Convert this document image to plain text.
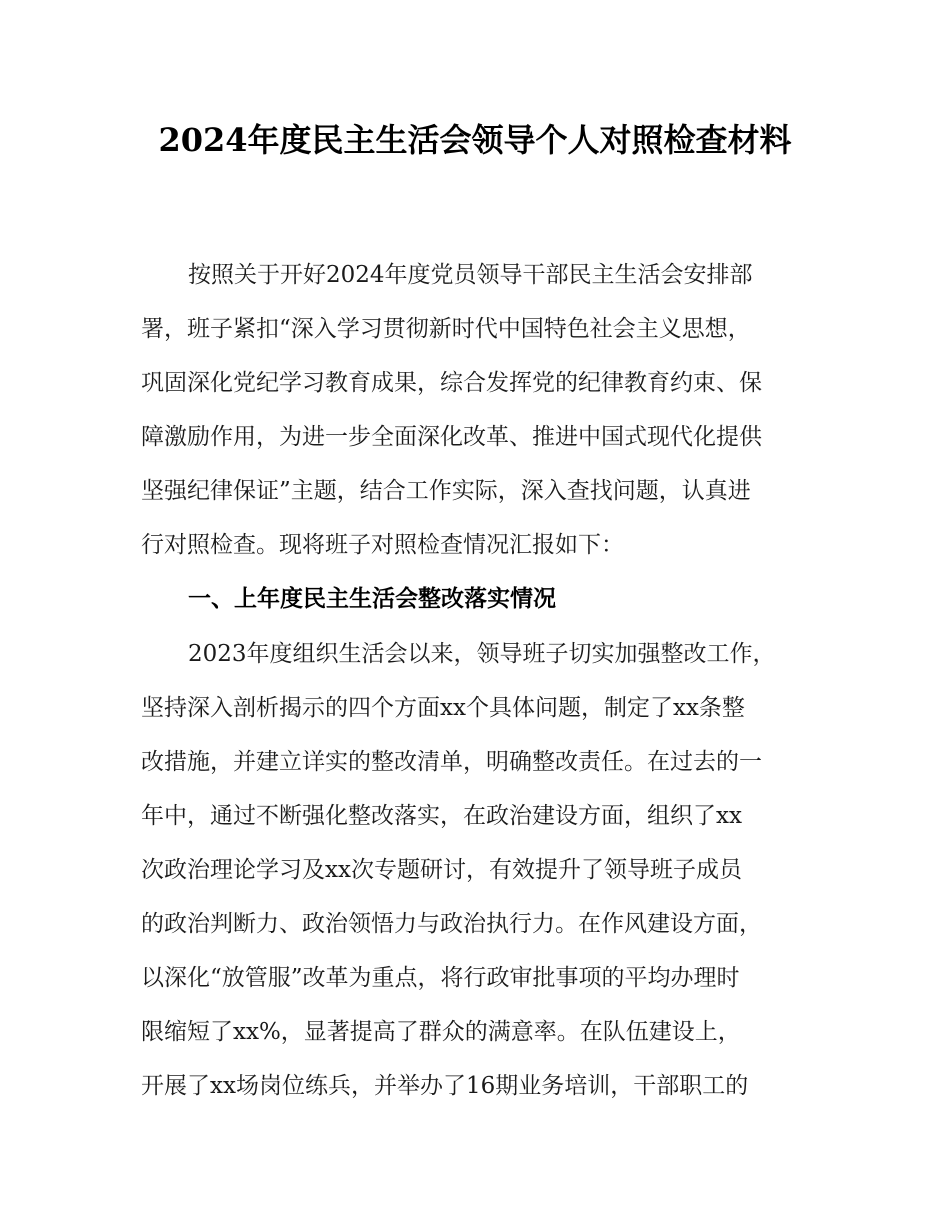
2024年度民主生活会领导个人对照检查材料
按照关于开好2024年度党员领导干部民主生活会安排部
署，班子紧扣“深入学习贯彻新时代中国特色社会主义思想，
巩固深化党纪学习教育成果，综合发挥党的纪律教育约束、保
障激励作用，为进一步全面深化改革、推进中国式现代化提供
坚强纪律保证”主题，结合工作实际，深入查找问题，认真进
行对照检查。现将班子对照检查情况汇报如下：
一、上年度民主生活会整改落实情况
2023年度组织生活会以来，领导班子切实加强整改工作，
坚持深入剖析揭示的四个方面xx个具体问题，制定了xx条整
改措施，并建立详实的整改清单，明确整改责任。在过去的一
年中，通过不断强化整改落实，在政治建设方面，组织了xx
次政治理论学习及xx次专题研讨，有效提升了领导班子成员
的政治判断力、政治领悟力与政治执行力。在作风建设方面，
以深化“放管服”改革为重点，将行政审批事项的平均办理时
限缩短了xx%，显著提高了群众的满意率。在队伍建设上，
开展了xx场岗位练兵，并举办了16期业务培训，干部职工的
